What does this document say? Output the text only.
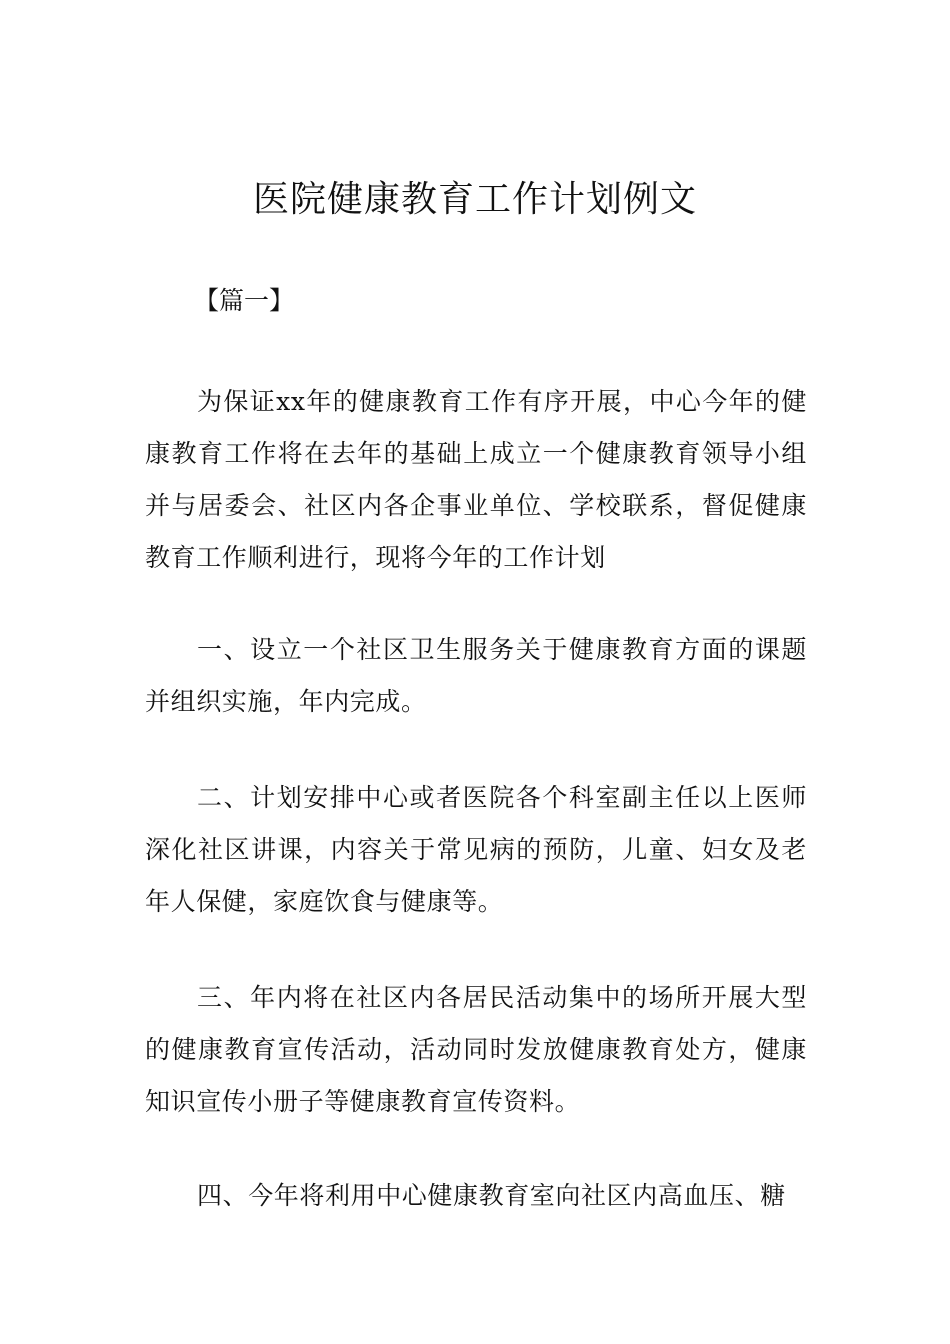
医院健康教育工作计划例文

【篇一】

为保证xx年的健康教育工作有序开展，中心今年的健康教育工作将在去年的基础上成立一个健康教育领导小组并与居委会、社区内各企事业单位、学校联系，督促健康教育工作顺利进行，现将今年的工作计划

一、设立一个社区卫生服务关于健康教育方面的课题并组织实施，年内完成。

二、计划安排中心或者医院各个科室副主任以上医师深化社区讲课，内容关于常见病的预防，儿童、妇女及老年人保健，家庭饮食与健康等。

三、年内将在社区内各居民活动集中的场所开展大型的健康教育宣传活动，活动同时发放健康教育处方，健康知识宣传小册子等健康教育宣传资料。

四、今年将利用中心健康教育室向社区内高血压、糖
